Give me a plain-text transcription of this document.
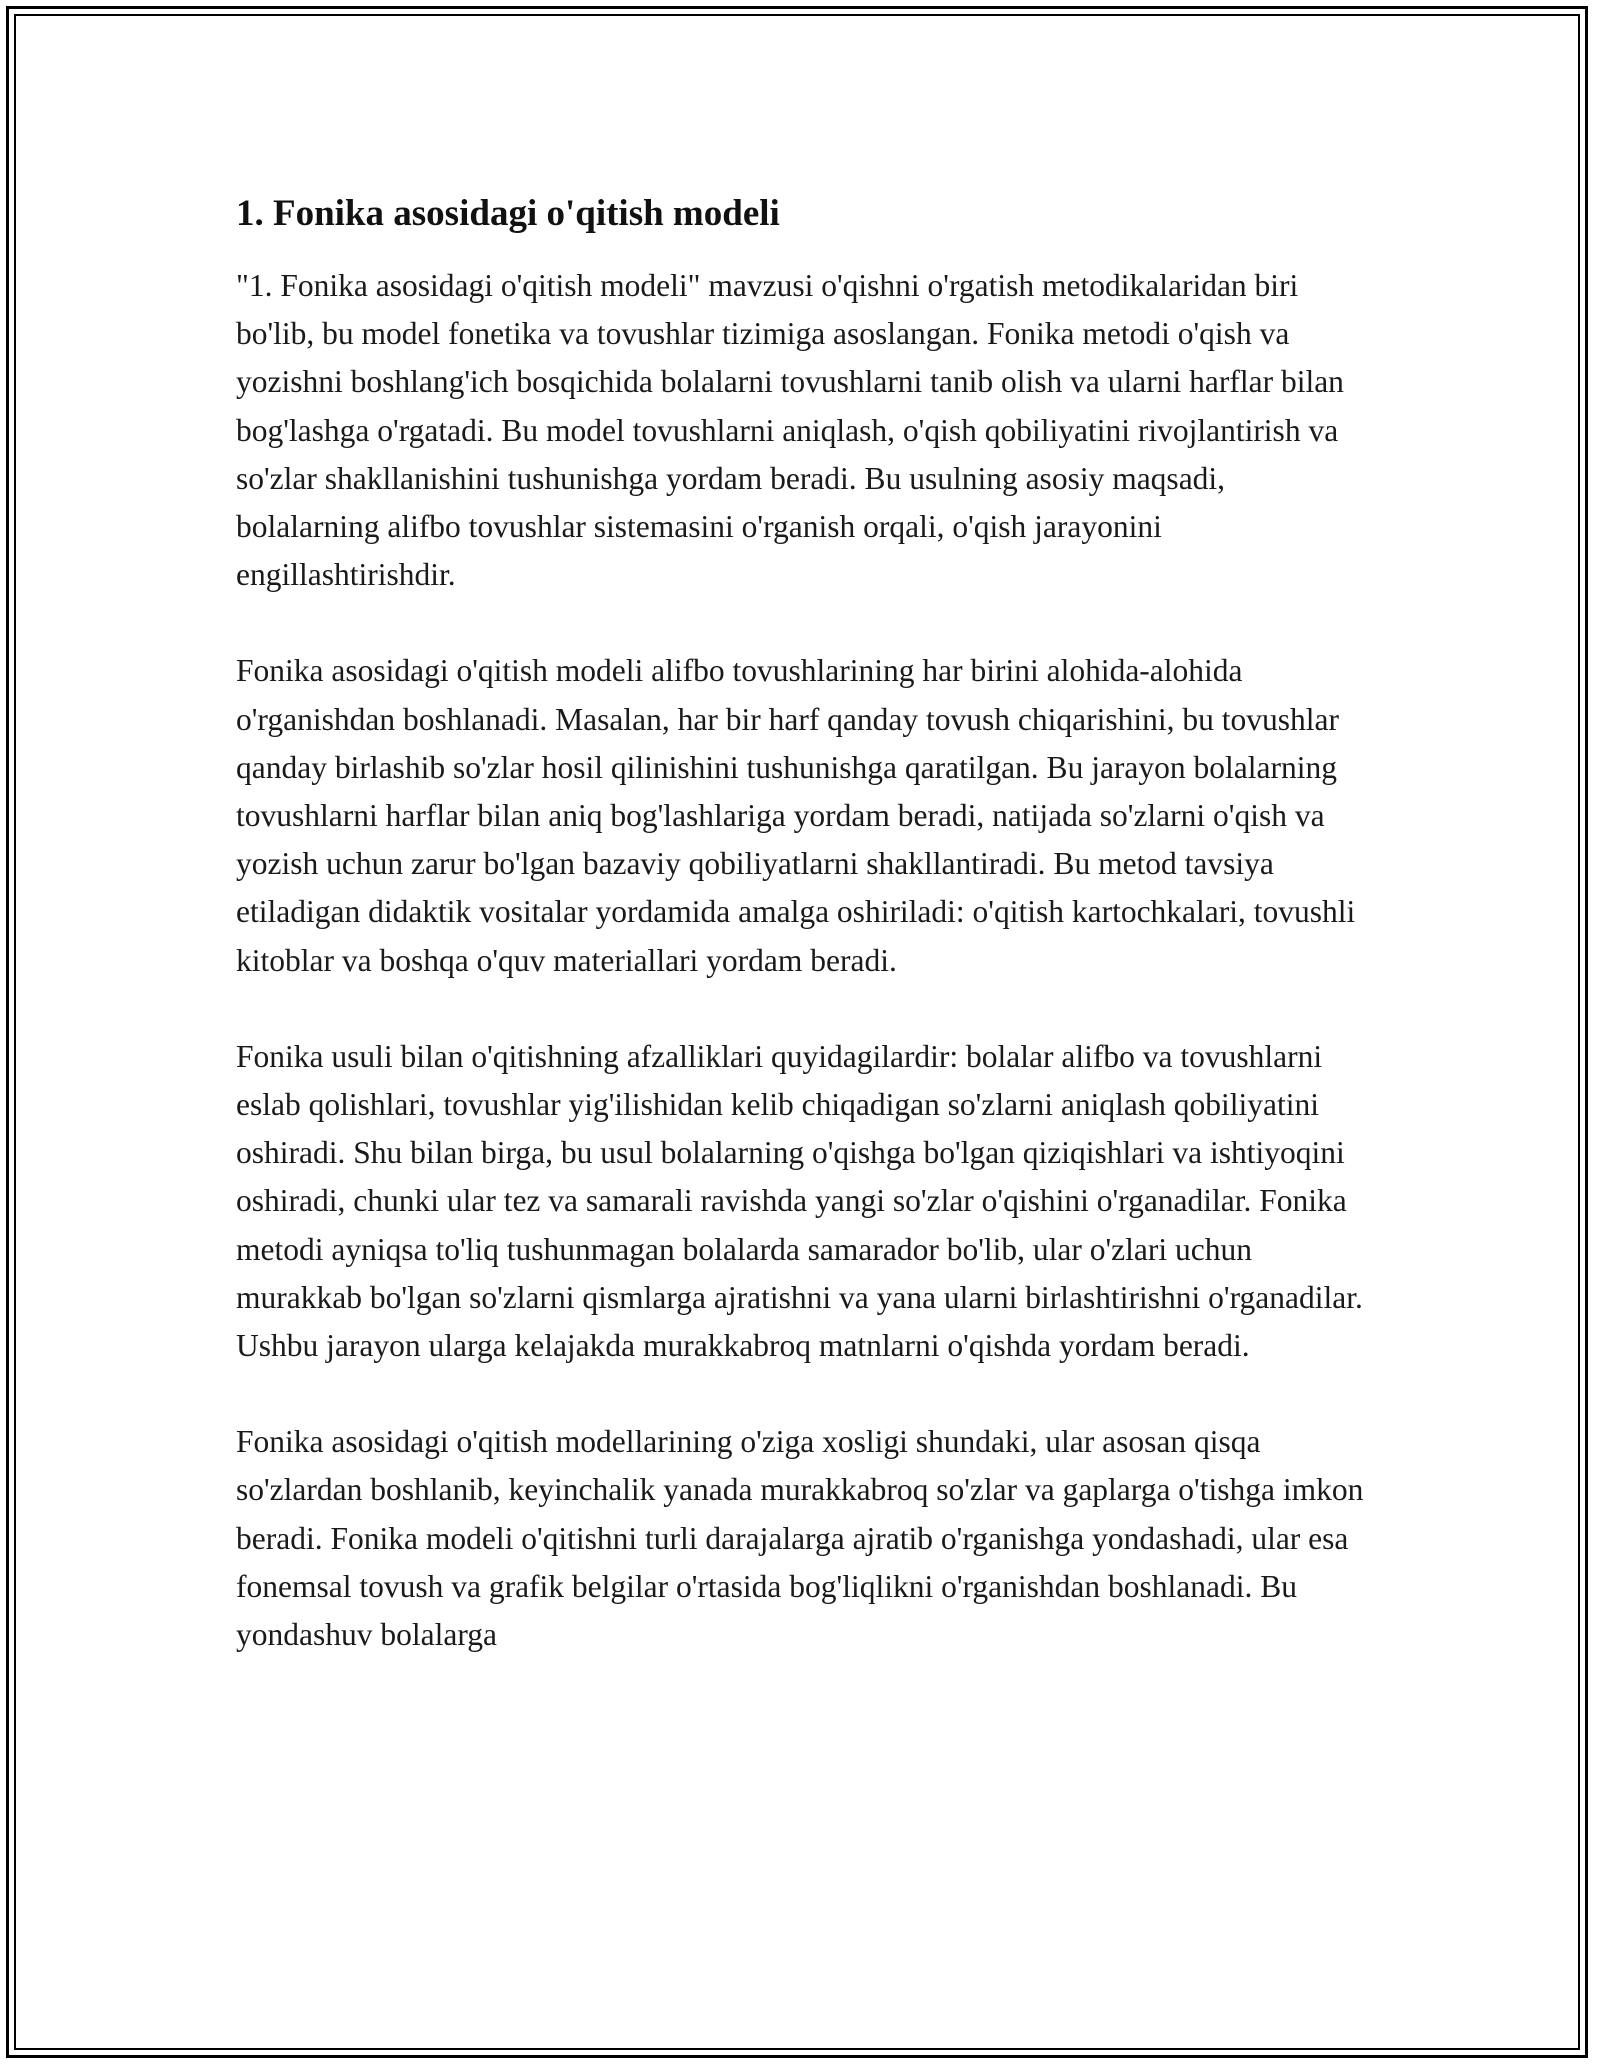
1. Fonika asosidagi o'qitish modeli

"1. Fonika asosidagi o'qitish modeli" mavzusi o'qishni o'rgatish metodikalaridan biri bo'lib, bu model fonetika va tovushlar tizimiga asoslangan. Fonika metodi o'qish va yozishni boshlang'ich bosqichida bolalarni tovushlarni tanib olish va ularni harflar bilan bog'lashga o'rgatadi. Bu model tovushlarni aniqlash, o'qish qobiliyatini rivojlantirish va so'zlar shakllanishini tushunishga yordam beradi. Bu usulning asosiy maqsadi, bolalarning alifbo tovushlar sistemasini o'rganish orqali, o'qish jarayonini engillashtirishdir.

Fonika asosidagi o'qitish modeli alifbo tovushlarining har birini alohida-alohida o'rganishdan boshlanadi. Masalan, har bir harf qanday tovush chiqarishini, bu tovushlar qanday birlashib so'zlar hosil qilinishini tushunishga qaratilgan. Bu jarayon bolalarning tovushlarni harflar bilan aniq bog'lashlariga yordam beradi, natijada so'zlarni o'qish va yozish uchun zarur bo'lgan bazaviy qobiliyatlarni shakllantiradi. Bu metod tavsiya etiladigan didaktik vositalar yordamida amalga oshiriladi: o'qitish kartochkalari, tovushli kitoblar va boshqa o'quv materiallari yordam beradi.

Fonika usuli bilan o'qitishning afzalliklari quyidagilardir: bolalar alifbo va tovushlarni eslab qolishlari, tovushlar yig'ilishidan kelib chiqadigan so'zlarni aniqlash qobiliyatini oshiradi. Shu bilan birga, bu usul bolalarning o'qishga bo'lgan qiziqishlari va ishtiyoqini oshiradi, chunki ular tez va samarali ravishda yangi so'zlar o'qishini o'rganadilar. Fonika metodi ayniqsa to'liq tushunmagan bolalarda samarador bo'lib, ular o'zlari uchun murakkab bo'lgan so'zlarni qismlarga ajratishni va yana ularni birlashtirishni o'rganadilar. Ushbu jarayon ularga kelajakda murakkabroq matnlarni o'qishda yordam beradi.

Fonika asosidagi o'qitish modellarining o'ziga xosligi shundaki, ular asosan qisqa so'zlardan boshlanib, keyinchalik yanada murakkabroq so'zlar va gaplarga o'tishga imkon beradi. Fonika modeli o'qitishni turli darajalarga ajratib o'rganishga yondashadi, ular esa fonemsal tovush va grafik belgilar o'rtasida bog'liqlikni o'rganishdan boshlanadi. Bu yondashuv bolalarga
